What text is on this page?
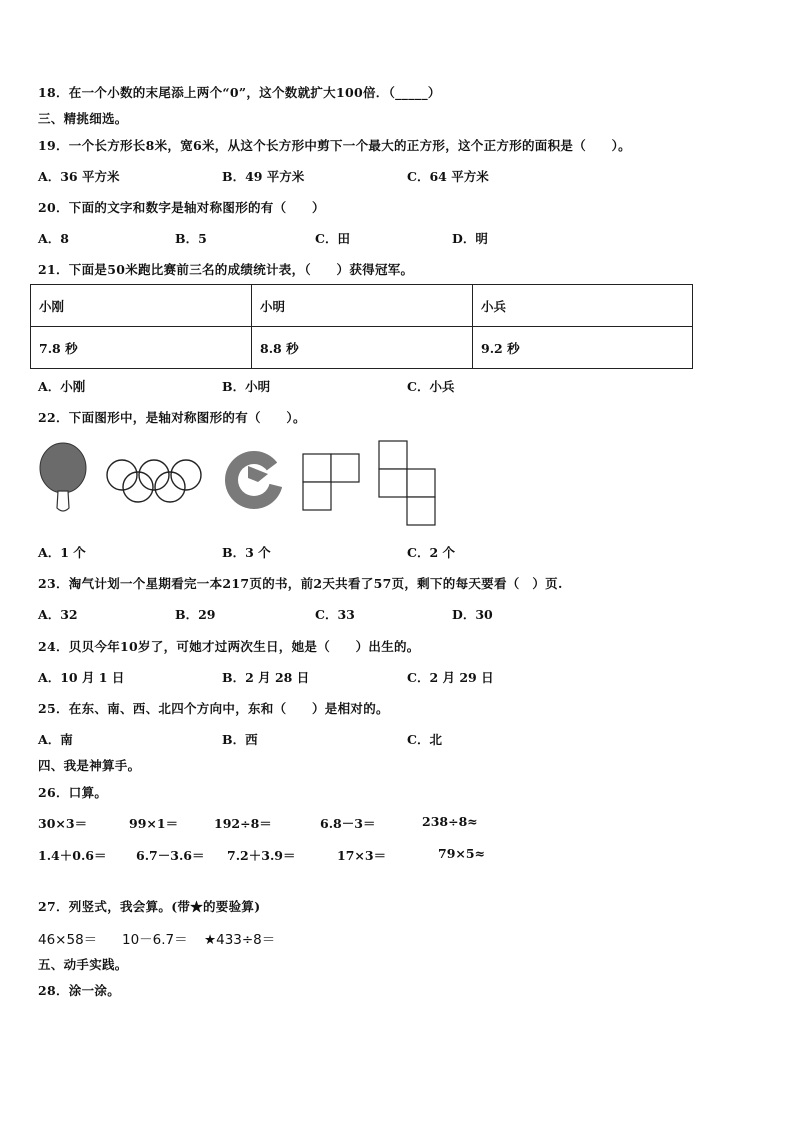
18．在一个小数的末尾添上两个“0”，这个数就扩大100倍．（_____）
三、精挑细选。
19．一个长方形长8米，宽6米，从这个长方形中剪下一个最大的正方形，这个正方形的面积是（　　）。
A．36 平方米	B．49 平方米	C．64 平方米
20．下面的文字和数字是轴对称图形的有（　　）
A．8	B．5	C．田	D．明
21．下面是50米跑比赛前三名的成绩统计表，（　　）获得冠军。
小刚	小明	小兵
7.8 秒	8.8 秒	9.2 秒
A．小刚	B．小明	C．小兵
22．下面图形中，是轴对称图形的有（　　）。
A．1 个	B．3 个	C．2 个
23．淘气计划一个星期看完一本217页的书，前2天共看了57页，剩下的每天要看（　）页.
A．32	B．29	C．33	D．30
24．贝贝今年10岁了，可她才过两次生日，她是（　　）出生的。
A．10 月 1 日	B．2 月 28 日	C．2 月 29 日
25．在东、南、西、北四个方向中，东和（　　）是相对的。
A．南	B．西	C．北
四、我是神算手。
26．口算。
30×3＝	99×1＝	192÷8＝	6.8－3＝	238÷8≈
1.4＋0.6＝ 6.7－3.6＝ 7.2＋3.9＝	17×3＝	79×5≈
27．列竖式，我会算。(带★的要验算)
46×58＝ 10－6.7＝ ★433÷8＝
五、动手实践。
28．涂一涂。
